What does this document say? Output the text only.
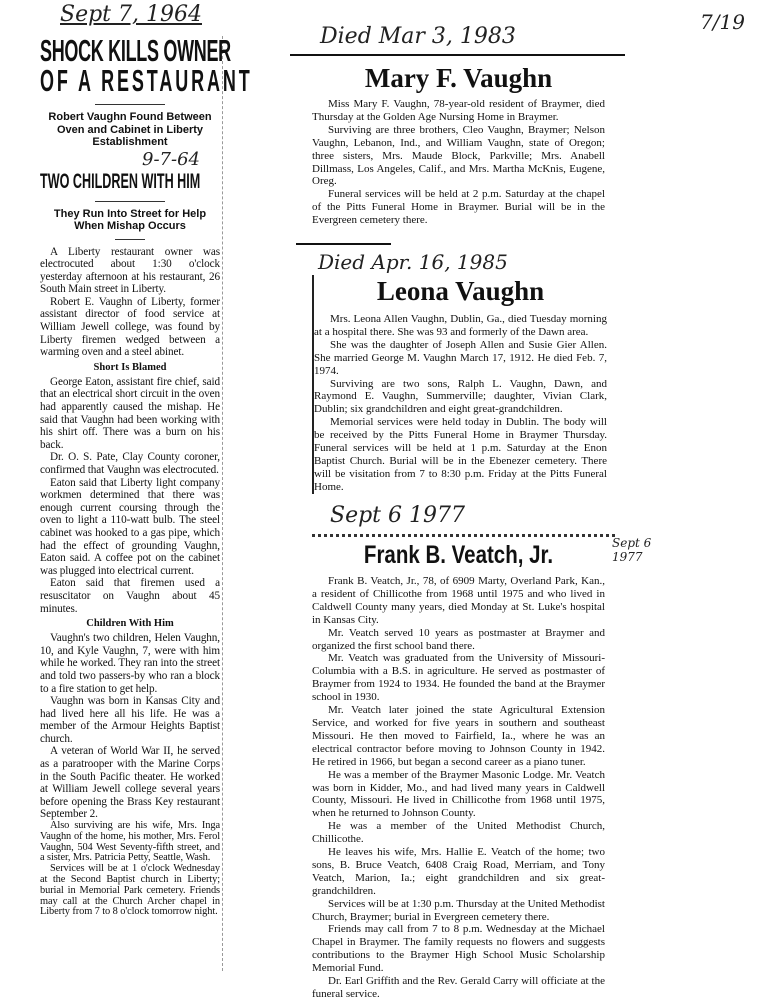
7/19
Sept 7, 1964
SHOCK KILLS OWNER
OF A RESTAURANT
Robert Vaughn Found Between Oven and Cabinet in Liberty Establishment
9-7-64
TWO CHILDREN WITH HIM
They Run Into Street for Help When Mishap Occurs

A Liberty restaurant owner was electrocuted about 1:30 o'clock yesterday afternoon at his restaurant, 26 South Main street in Liberty.

Robert E. Vaughn of Liberty, former assistant director of food service at William Jewell college, was found by Liberty firemen wedged between a warming oven and a steel abinet.

Short Is Blamed

George Eaton, assistant fire chief, said that an electrical short circuit in the oven had apparently caused the mishap. He said that Vaughn had been working with his shirt off. There was a burn on his back.

Dr. O. S. Pate, Clay County coroner, confirmed that Vaughn was electrocuted.

Eaton said that Liberty light company workmen determined that there was enough current coursing through the oven to light a 110-watt bulb. The steel cabinet was hooked to a gas pipe, which had the effect of grounding Vaughn, Eaton said. A coffee pot on the cabinet was plugged into electrical current.

Eaton said that firemen used a resuscitator on Vaughn about 45 minutes.

Children With Him

Vaughn's two children, Helen Vaughn, 10, and Kyle Vaughn, 7, were with him while he worked. They ran into the street and told two passers-by who ran a block to a fire station to get help.

Vaughn was born in Kansas City and had lived here all his life. He was a member of the Armour Heights Baptist church.

A veteran of World War II, he served as a paratrooper with the Marine Corps in the South Pacific theater. He worked at William Jewell college several years before opening the Brass Key restaurant September 2.

Also surviving are his wife, Mrs. Inga Vaughn of the home, his mother, Mrs. Ferol Vaughn, 504 West Seventy-fifth street, and a sister, Mrs. Patricia Petty, Seattle, Wash.

Services will be at 1 o'clock Wednesday at the Second Baptist church in Liberty; burial in Memorial Park cemetery. Friends may call at the Church Archer chapel in Liberty from 7 to 8 o'clock tomorrow night.

Died Mar 3, 1983
Mary F. Vaughn

Miss Mary F. Vaughn, 78-year-old resident of Braymer, died Thursday at the Golden Age Nursing Home in Braymer.

Surviving are three brothers, Cleo Vaughn, Braymer; Nelson Vaughn, Lebanon, Ind., and William Vaughn, state of Oregon; three sisters, Mrs. Maude Block, Parkville; Mrs. Anabell Dillmass, Los Angeles, Calif., and Mrs. Martha McKnis, Eugene, Oreg.

Funeral services will be held at 2 p.m. Saturday at the chapel of the Pitts Funeral Home in Braymer. Burial will be in the Evergreen cemetery there.

Died Apr. 16, 1985
Leona Vaughn

Mrs. Leona Allen Vaughn, Dublin, Ga., died Tuesday morning at a hospital there. She was 93 and formerly of the Dawn area.

She was the daughter of Joseph Allen and Susie Gier Allen. She married George M. Vaughn March 17, 1912. He died Feb. 7, 1974.

Surviving are two sons, Ralph L. Vaughn, Dawn, and Raymond E. Vaughn, Summerville; daughter, Vivian Clark, Dublin; six grandchildren and eight great-grandchildren.

Memorial services were held today in Dublin. The body will be received by the Pitts Funeral Home in Braymer Thursday. Funeral services will be held at 1 p.m. Saturday at the Enon Baptist Church. Burial will be in the Ebenezer cemetery. There will be visitation from 7 to 8:30 p.m. Friday at the Pitts Funeral Home.

Sept 6 1977
Sept 6 1977
Frank B. Veatch, Jr.

Frank B. Veatch, Jr., 78, of 6909 Marty, Overland Park, Kan., a resident of Chillicothe from 1968 until 1975 and who lived in Caldwell County many years, died Monday at St. Luke's hospital in Kansas City.

Mr. Veatch served 10 years as postmaster at Braymer and organized the first school band there.

Mr. Veatch was graduated from the University of Missouri-Columbia with a B.S. in agriculture. He served as postmaster of Braymer from 1924 to 1934. He founded the band at the Braymer school in 1930.

Mr. Veatch later joined the state Agricultural Extension Service, and worked for five years in southern and southeast Missouri. He then moved to Fairfield, Ia., where he was an electrical contractor before moving to Johnson County in 1942. He retired in 1966, but began a second career as a piano tuner.

He was a member of the Braymer Masonic Lodge. Mr. Veatch was born in Kidder, Mo., and had lived many years in Caldwell County, Missouri. He lived in Chillicothe from 1968 until 1975, when he returned to Johnson County.

He was a member of the United Methodist Church, Chillicothe.

He leaves his wife, Mrs. Hallie E. Veatch of the home; two sons, B. Bruce Veatch, 6408 Craig Road, Merriam, and Tony Veatch, Marion, Ia.; eight grandchildren and six great-grandchildren.

Services will be at 1:30 p.m. Thursday at the United Methodist Church, Braymer; burial in Evergreen cemetery there.

Friends may call from 7 to 8 p.m. Wednesday at the Michael Chapel in Braymer. The family requests no flowers and suggests contributions to the Braymer High School Music Scholarship Memorial Fund.

Dr. Earl Griffith and the Rev. Gerald Carry will officiate at the funeral service.
